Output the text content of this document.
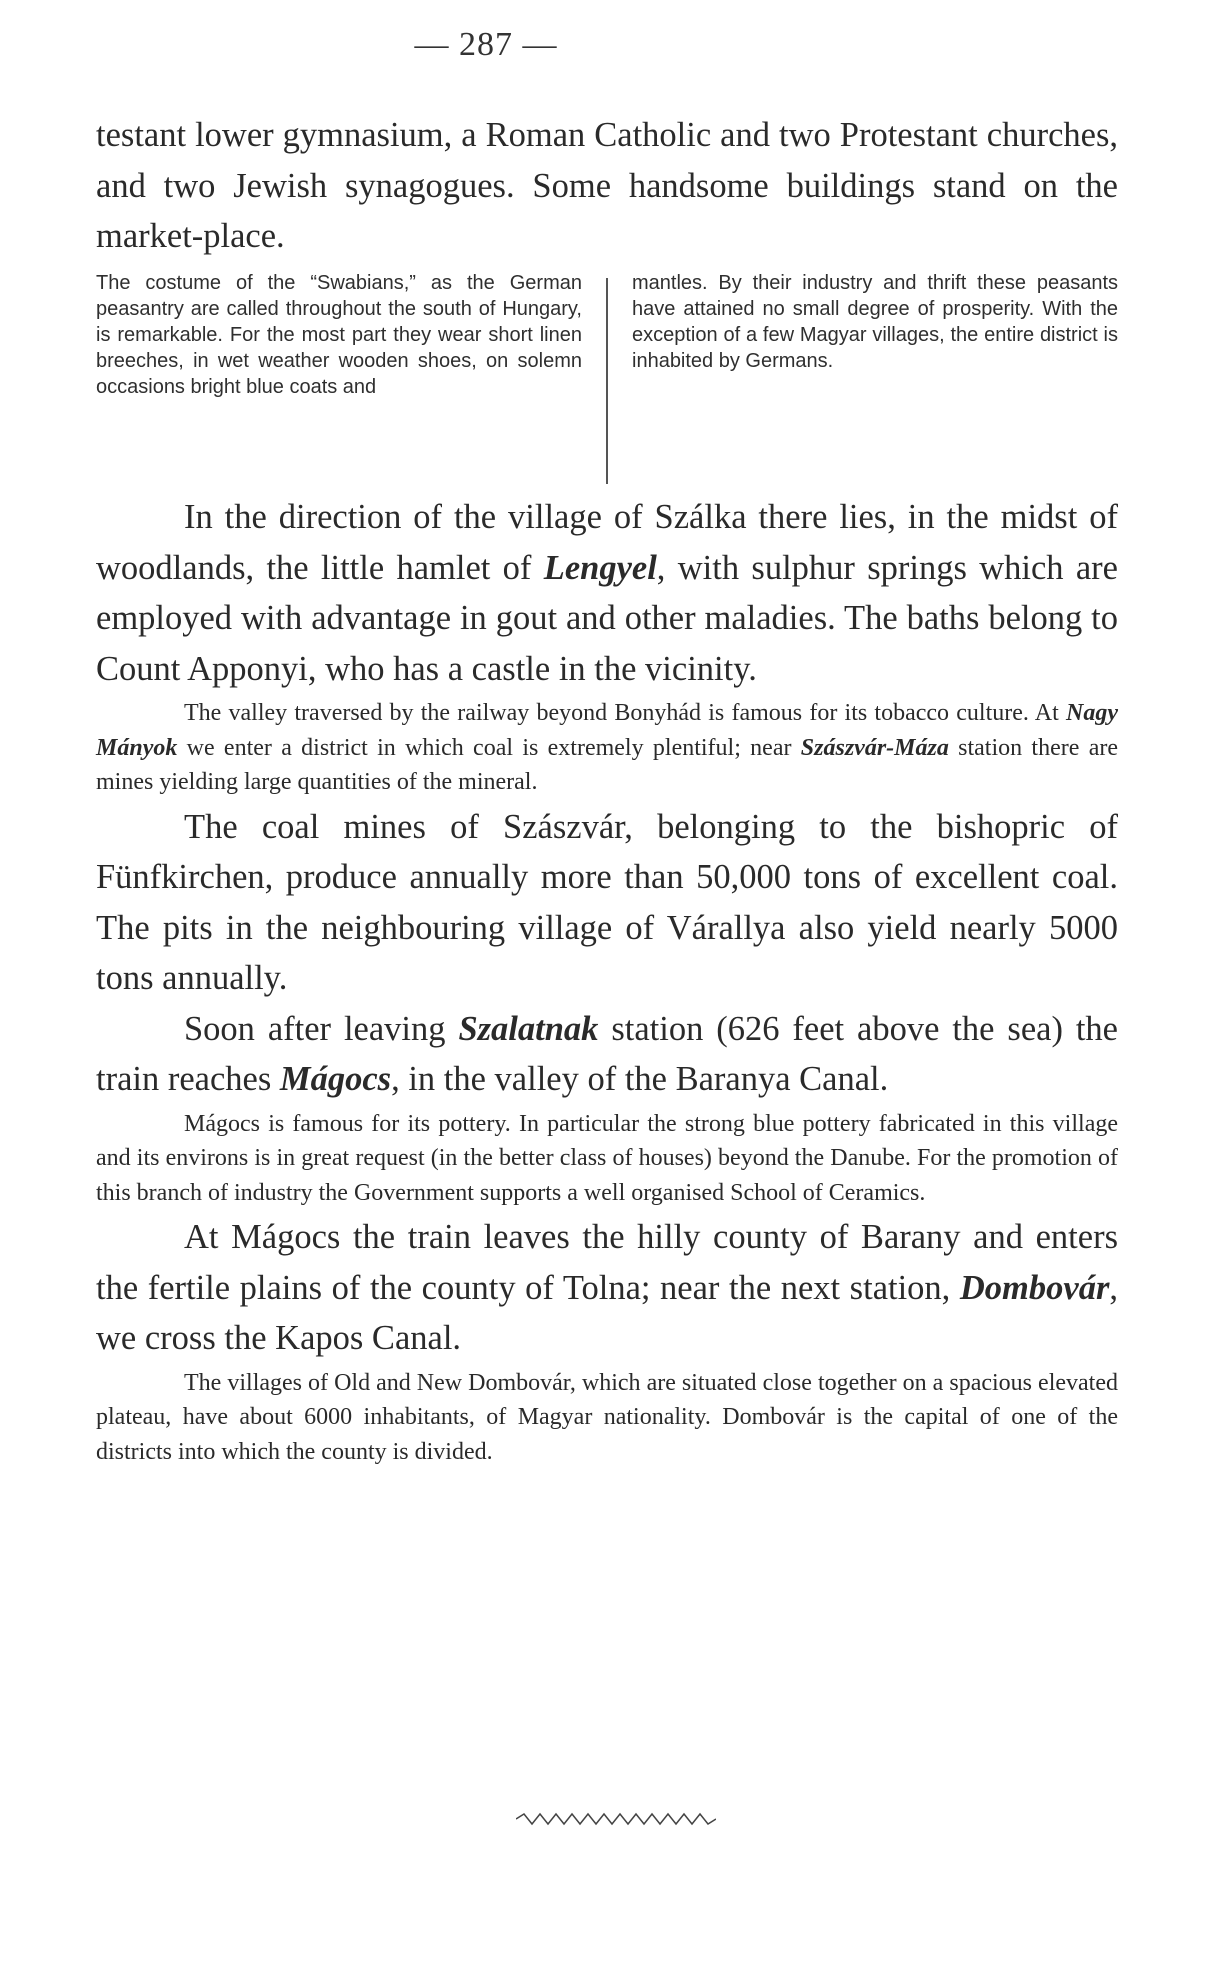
— 287 —

testant lower gymnasium, a Roman Catholic and two Protestant churches, and two Jewish synagogues. Some handsome buildings stand on the market-place.

The costume of the “Swabians,” as the German peasantry are called throughout the south of Hungary, is remarkable. For the most part they wear short linen breeches, in wet weather wooden shoes, on solemn occasions bright blue coats and
mantles. By their industry and thrift these peasants have attained no small degree of prosperity. With the exception of a few Magyar villages, the entire district is inhabited by Germans.

In the direction of the village of Szálka there lies, in the midst of woodlands, the little hamlet of Lengyel, with sulphur springs which are employed with advantage in gout and other maladies. The baths belong to Count Apponyi, who has a castle in the vicinity.

The valley traversed by the railway beyond Bonyhád is famous for its tobacco culture. At Nagy Mányok we enter a district in which coal is extremely plentiful; near Szászvár-Máza station there are mines yielding large quantities of the mineral.

The coal mines of Szászvár, belonging to the bishopric of Fünfkirchen, produce annually more than 50,000 tons of excellent coal. The pits in the neighbouring village of Várallya also yield nearly 5000 tons annually.

Soon after leaving Szalatnak station (626 feet above the sea) the train reaches Mágocs, in the valley of the Baranya Canal.

Mágocs is famous for its pottery. In particular the strong blue pottery fabricated in this village and its environs is in great request (in the better class of houses) beyond the Danube. For the promotion of this branch of industry the Government supports a well organised School of Ceramics.

At Mágocs the train leaves the hilly county of Barany and enters the fertile plains of the county of Tolna; near the next station, Dombovár, we cross the Kapos Canal.

The villages of Old and New Dombovár, which are situated close together on a spacious elevated plateau, have about 6000 inhabitants, of Magyar nationality. Dombovár is the capital of one of the districts into which the county is divided.
